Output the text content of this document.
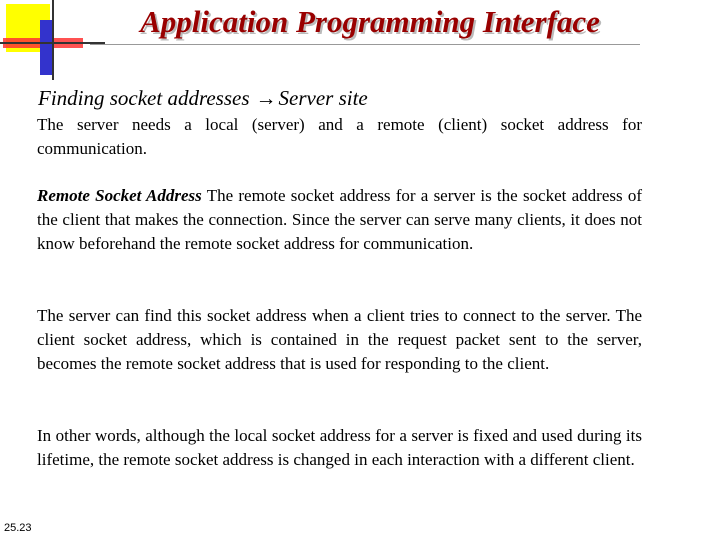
Application Programming Interface
Finding socket addresses →Server site
The server needs a local (server) and a remote (client) socket address for communication.
Remote Socket Address The remote socket address for a server is the socket address of the client that makes the connection. Since the server can serve many clients, it does not know beforehand the remote socket address for communication.
The server can find this socket address when a client tries to connect to the server. The client socket address, which is contained in the request packet sent to the server, becomes the remote socket address that is used for responding to the client.
In other words, although the local socket address for a server is fixed and used during its lifetime, the remote socket address is changed in each interaction with a different client.
25.23
